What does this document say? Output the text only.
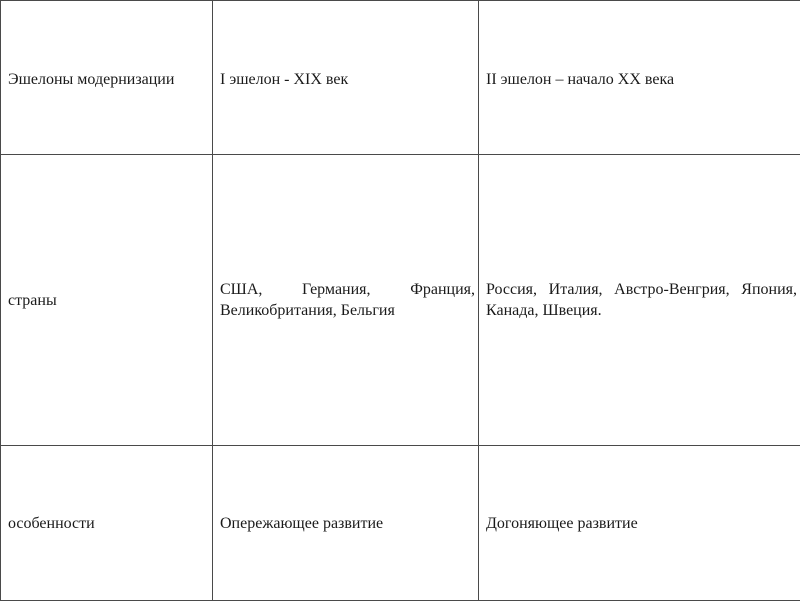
Эшелоны модернизации	I эшелон - XIX век	II эшелон – начало XX века
страны	США, Германия, Франция, Великобритания, Бельгия	Россия, Италия, Австро-Венгрия, Япония, Канада, Швеция.
особенности	Опережающее развитие	Догоняющее развитие
